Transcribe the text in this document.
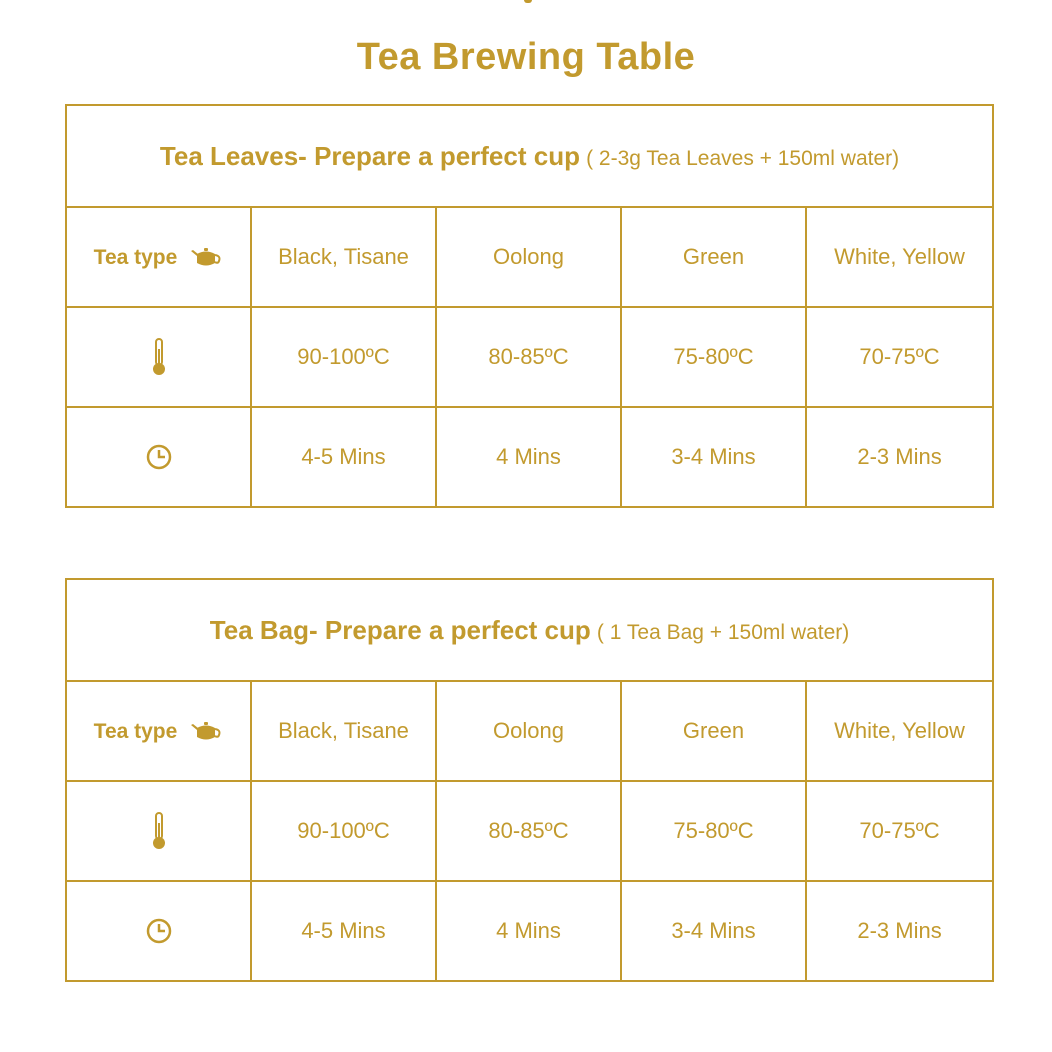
Tea Brewing Table
Tea Leaves- Prepare a perfect cup ( 2-3g Tea Leaves + 150ml water)				

Tea type	Black, Tisane	Oolong	Green	White, Yellow
	90-100ºC	80-85ºC	75-80ºC	70-75ºC
	4-5 Mins	4 Mins	3-4 Mins	2-3 Mins
Tea Bag- Prepare a perfect cup ( 1 Tea Bag + 150ml water)				

Tea type	Black, Tisane	Oolong	Green	White, Yellow
	90-100ºC	80-85ºC	75-80ºC	70-75ºC
	4-5 Mins	4 Mins	3-4 Mins	2-3 Mins
